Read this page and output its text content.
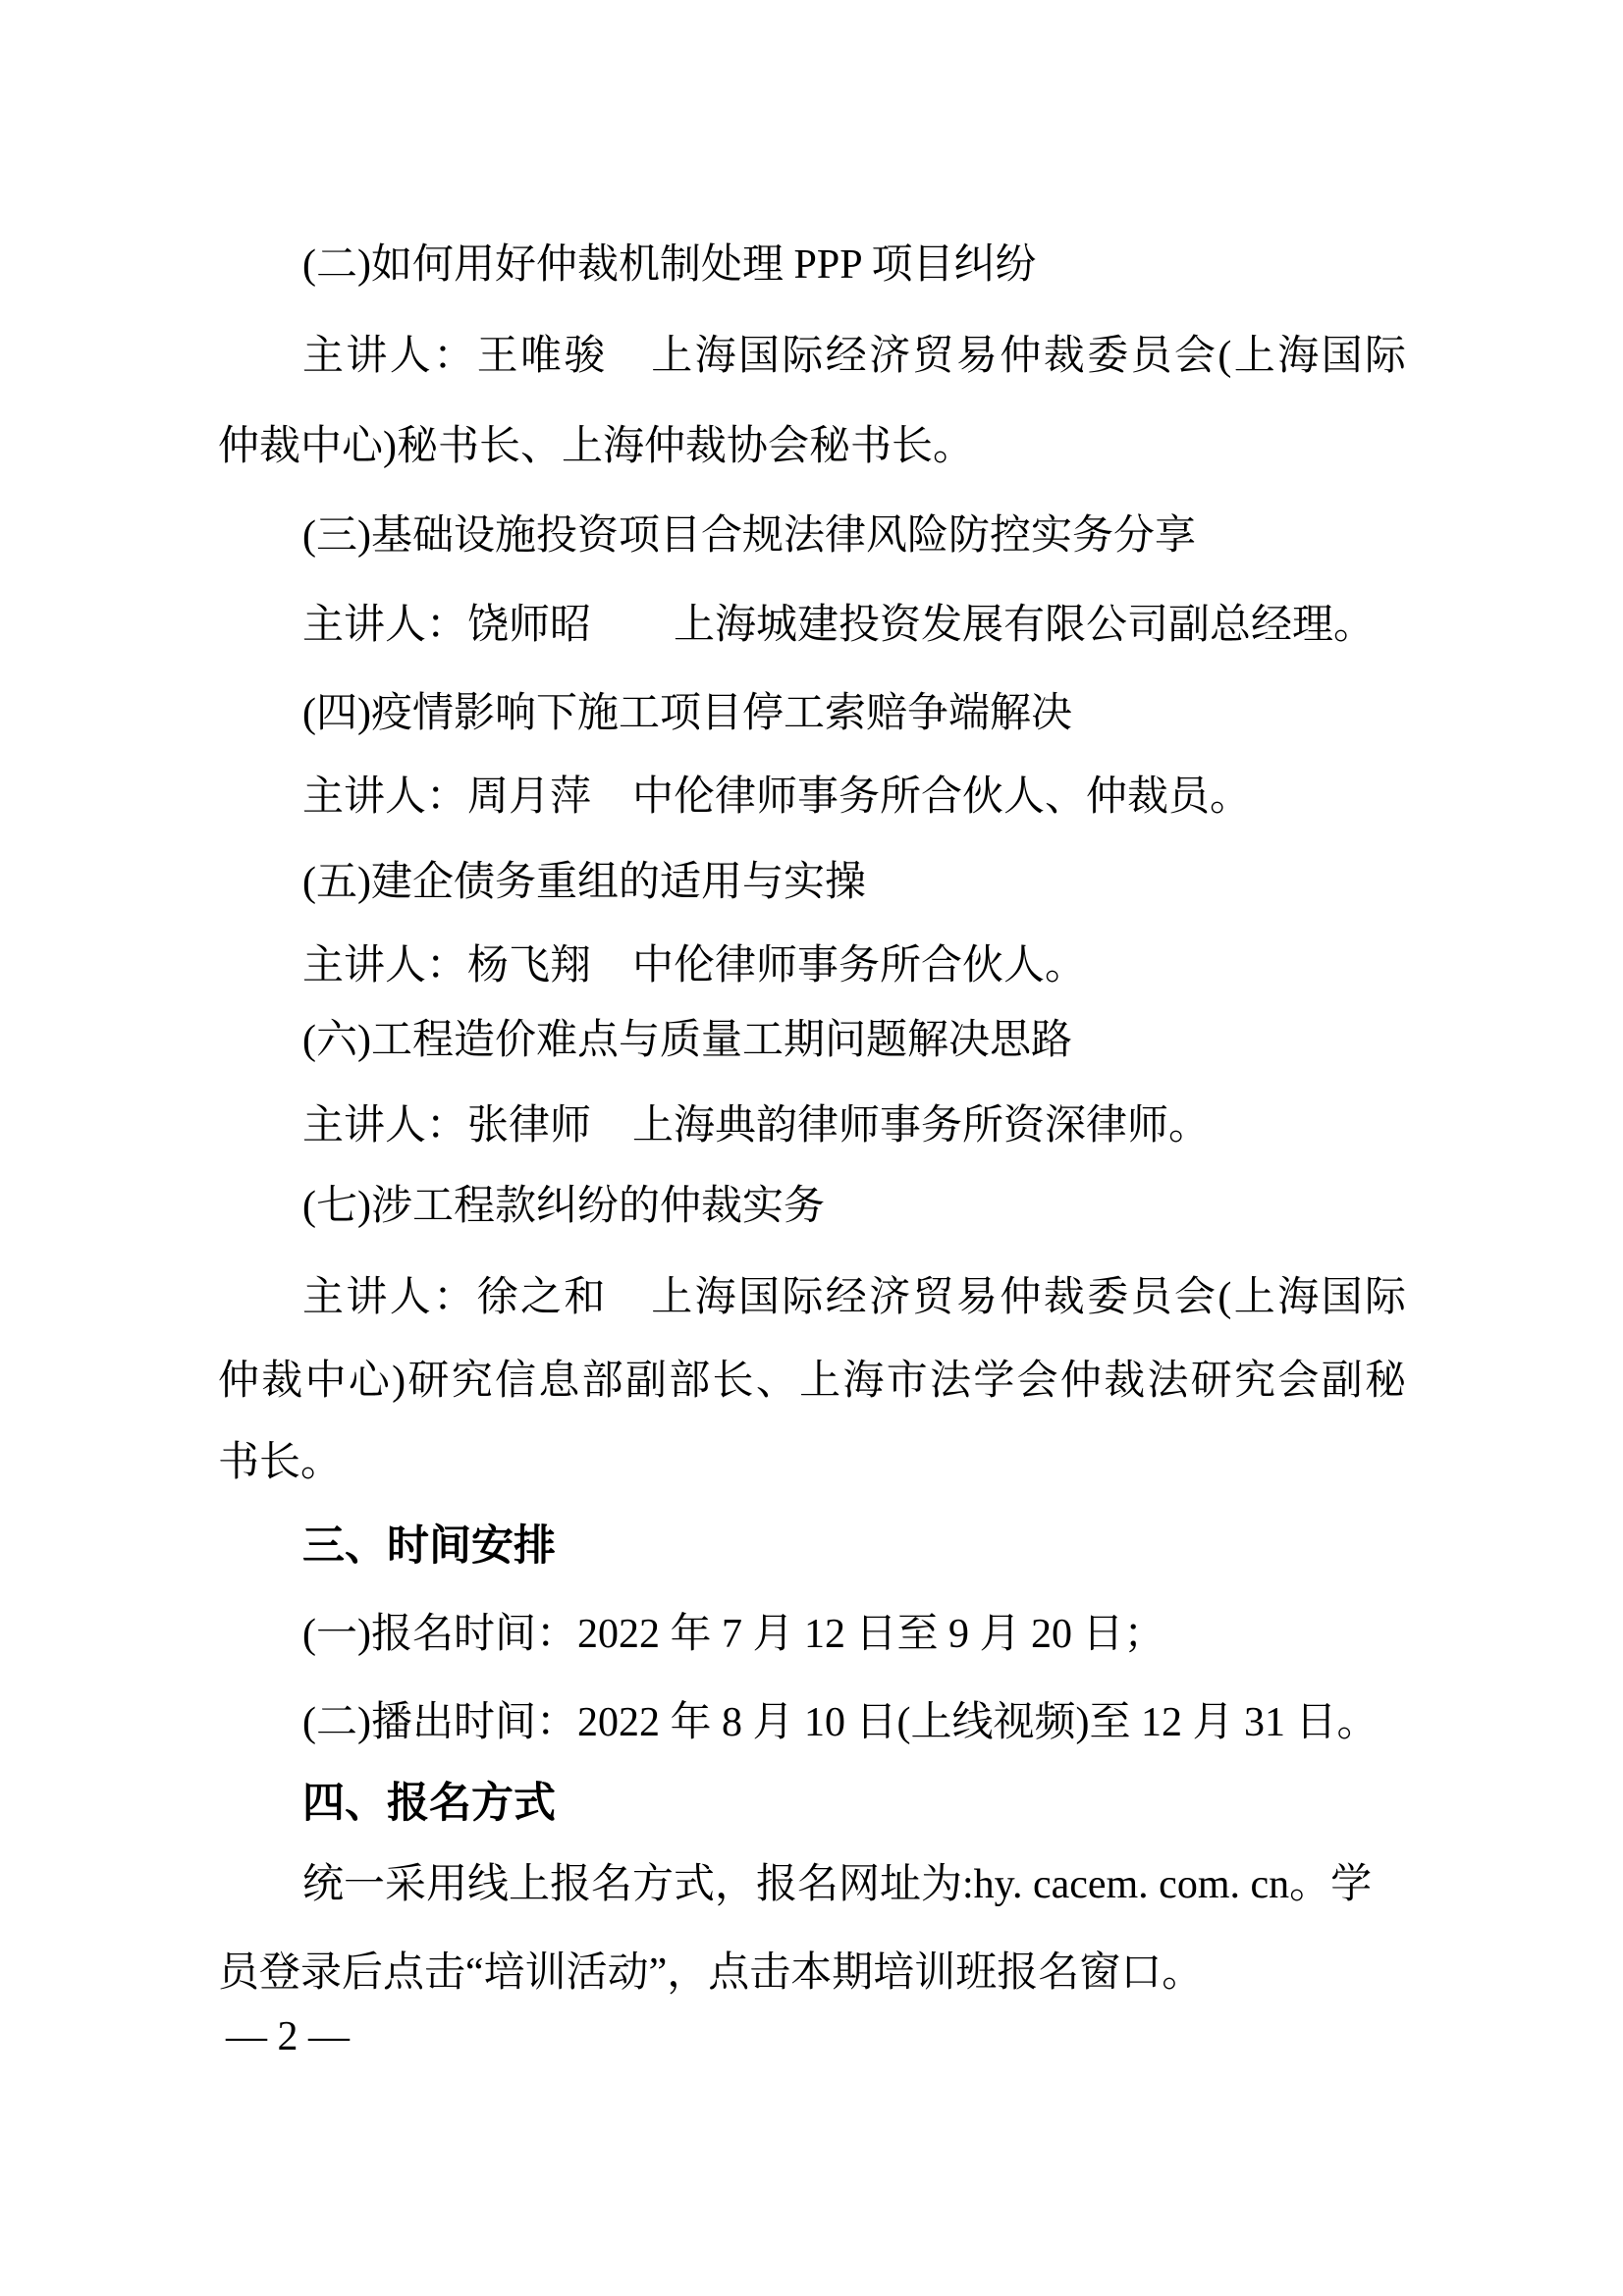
(二)如何用好仲裁机制处理 PPP 项目纠纷
主讲人：王唯骏　上海国际经济贸易仲裁委员会(上海国际
仲裁中心)秘书长、上海仲裁协会秘书长。
(三)基础设施投资项目合规法律风险防控实务分享
主讲人：饶师昭　　上海城建投资发展有限公司副总经理。
(四)疫情影响下施工项目停工索赔争端解决
主讲人：周月萍　中伦律师事务所合伙人、仲裁员。
(五)建企债务重组的适用与实操
主讲人：杨飞翔　中伦律师事务所合伙人。
(六)工程造价难点与质量工期问题解决思路
主讲人：张律师　上海典韵律师事务所资深律师。
(七)涉工程款纠纷的仲裁实务
主讲人：徐之和　上海国际经济贸易仲裁委员会(上海国际
仲裁中心)研究信息部副部长、上海市法学会仲裁法研究会副秘
书长。
三、时间安排
(一)报名时间：2022 年 7 月 12 日至 9 月 20 日；
(二)播出时间：2022 年 8 月 10 日(上线视频)至 12 月 31 日。
四、报名方式
统一采用线上报名方式，报名网址为:hy. cacem. com. cn。学
员登录后点击“培训活动”，点击本期培训班报名窗口。
— 2 —
